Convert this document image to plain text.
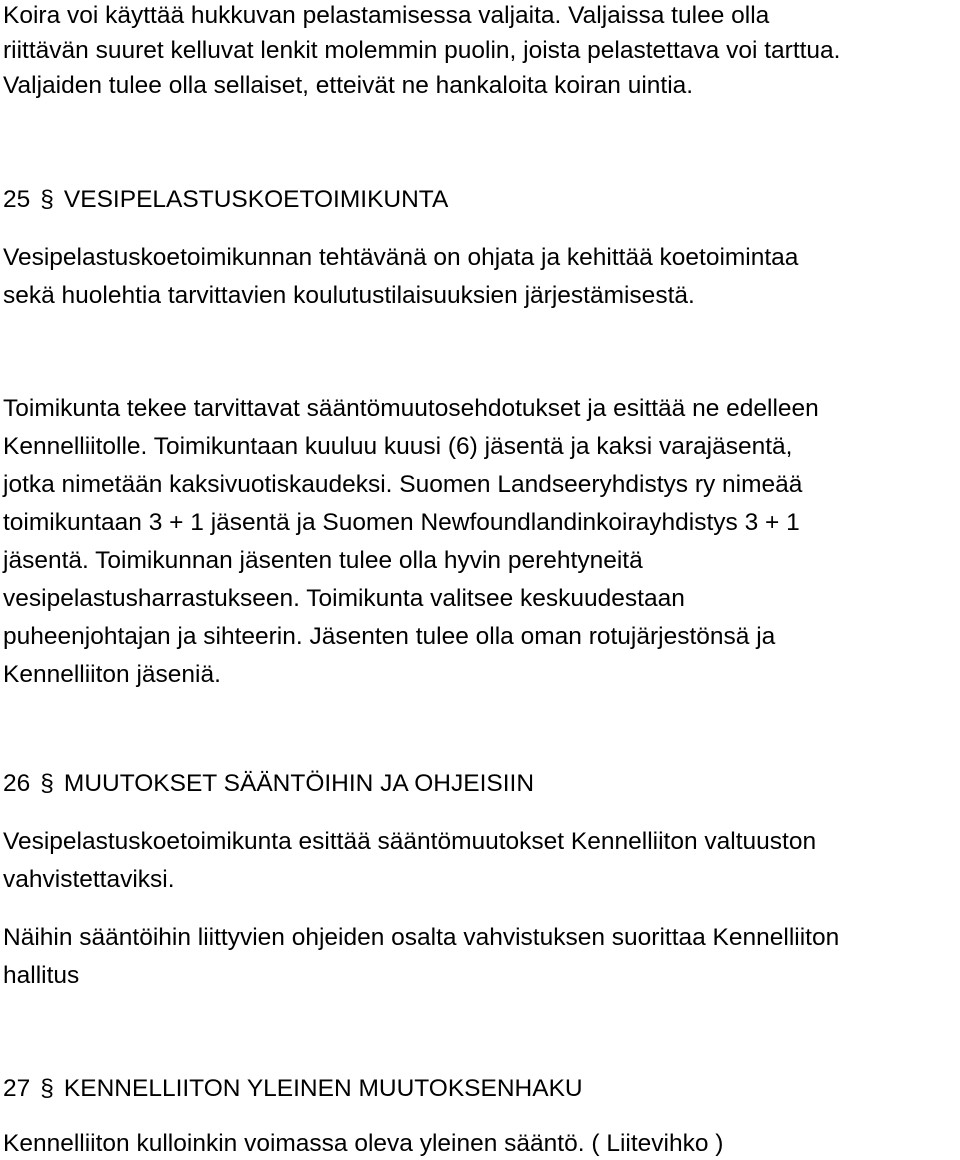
Koira voi käyttää hukkuvan pelastamisessa valjaita. Valjaissa tulee olla
riittävän suuret kelluvat lenkit molemmin puolin, joista pelastettava voi tarttua.
Valjaiden tulee olla sellaiset, etteivät ne hankaloita koiran uintia.
25 § VESIPELASTUSKOETOIMIKUNTA
Vesipelastuskoetoimikunnan tehtävänä on ohjata ja kehittää koetoimintaa
sekä huolehtia tarvittavien koulutustilaisuuksien järjestämisestä.
Toimikunta tekee tarvittavat sääntömuutosehdotukset ja esittää ne edelleen
Kennelliitolle. Toimikuntaan kuuluu kuusi (6) jäsentä ja kaksi varajäsentä,
jotka nimetään kaksivuotiskaudeksi. Suomen Landseeryhdistys ry nimeää
toimikuntaan 3 + 1 jäsentä ja Suomen Newfoundlandinkoirayhdistys 3 + 1
jäsentä. Toimikunnan jäsenten tulee olla hyvin perehtyneitä
vesipelastusharrastukseen. Toimikunta valitsee keskuudestaan
puheenjohtajan ja sihteerin. Jäsenten tulee olla oman rotujärjestönsä ja
Kennelliiton jäseniä.
26 § MUUTOKSET SÄÄNTÖIHIN JA OHJEISIIN
Vesipelastuskoetoimikunta esittää sääntömuutokset Kennelliiton valtuuston
vahvistettaviksi.
Näihin sääntöihin liittyvien ohjeiden osalta vahvistuksen suorittaa Kennelliiton
hallitus
27 § KENNELLIITON YLEINEN MUUTOKSENHAKU
Kennelliiton kulloinkin voimassa oleva yleinen sääntö. ( Liitevihko )
